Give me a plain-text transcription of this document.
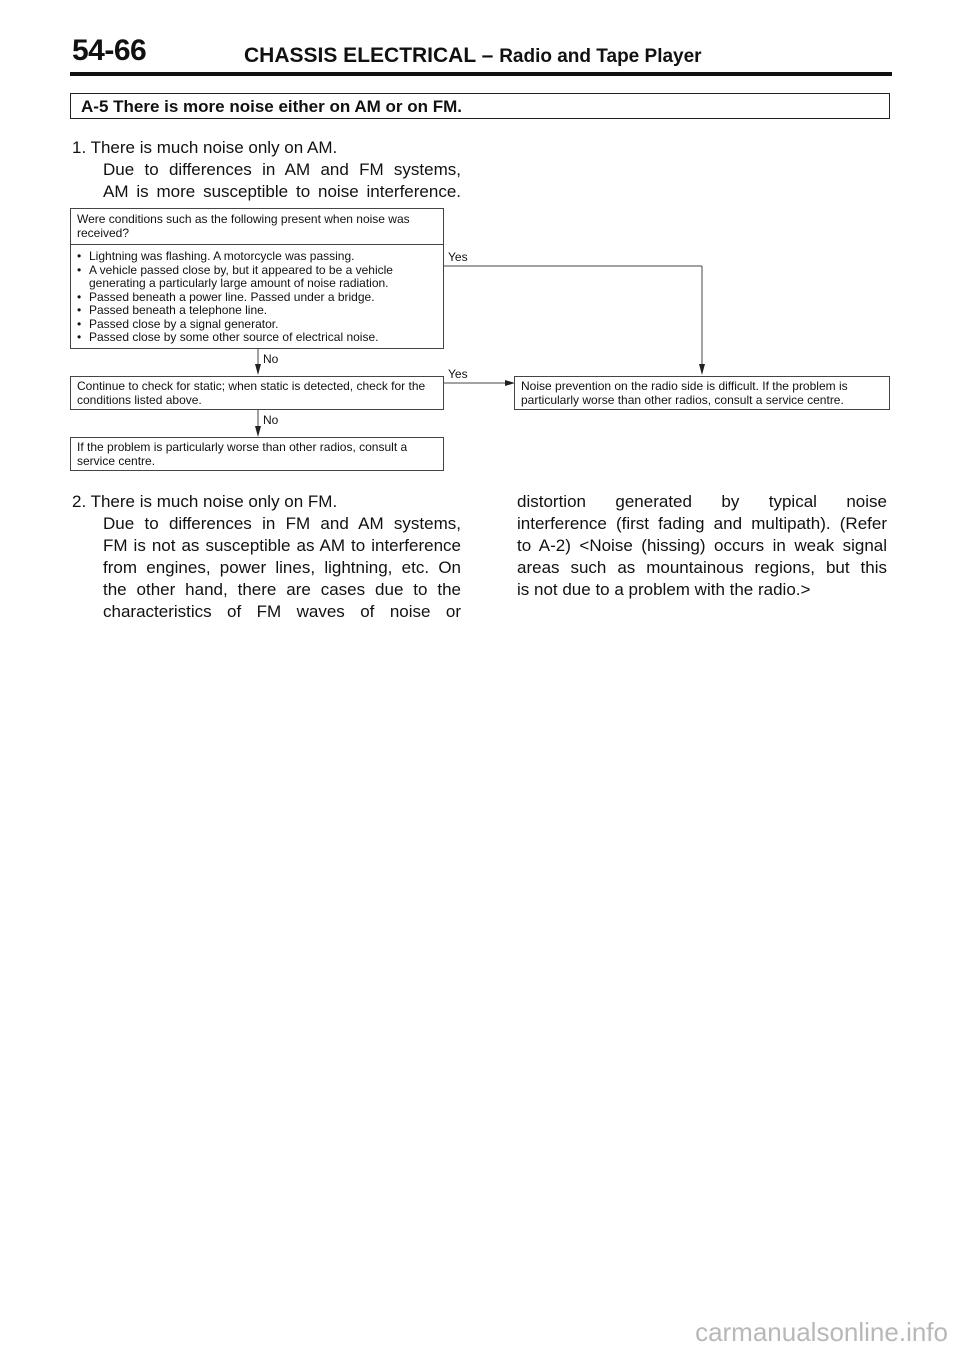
54-66	CHASSIS ELECTRICAL – Radio and Tape Player
A-5 There is more noise either on AM or on FM.
1. There is much noise only on AM.
Due to differences in AM and FM systems,
AM is more susceptible to noise interference.
Were conditions such as the following present when noise was received?
• Lightning was flashing. A motorcycle was passing.
• A vehicle passed close by, but it appeared to be a vehicle generating a particularly large amount of noise radiation.
• Passed beneath a power line. Passed under a bridge.
• Passed beneath a telephone line.
• Passed close by a signal generator.
• Passed close by some other source of electrical noise.
Yes
No
Continue to check for static; when static is detected, check for the conditions listed above.
Yes
Noise prevention on the radio side is difficult. If the problem is particularly worse than other radios, consult a service centre.
No
If the problem is particularly worse than other radios, consult a service centre.
2. There is much noise only on FM.
Due to differences in FM and AM systems,
FM is not as susceptible as AM to interference
from engines, power lines, lightning, etc. On
the other hand, there are cases due to the
characteristics of FM waves of noise or
distortion generated by typical noise
interference (first fading and multipath). (Refer
to A-2) <Noise (hissing) occurs in weak signal
areas such as mountainous regions, but this
is not due to a problem with the radio.>
carmanualsonline.info
